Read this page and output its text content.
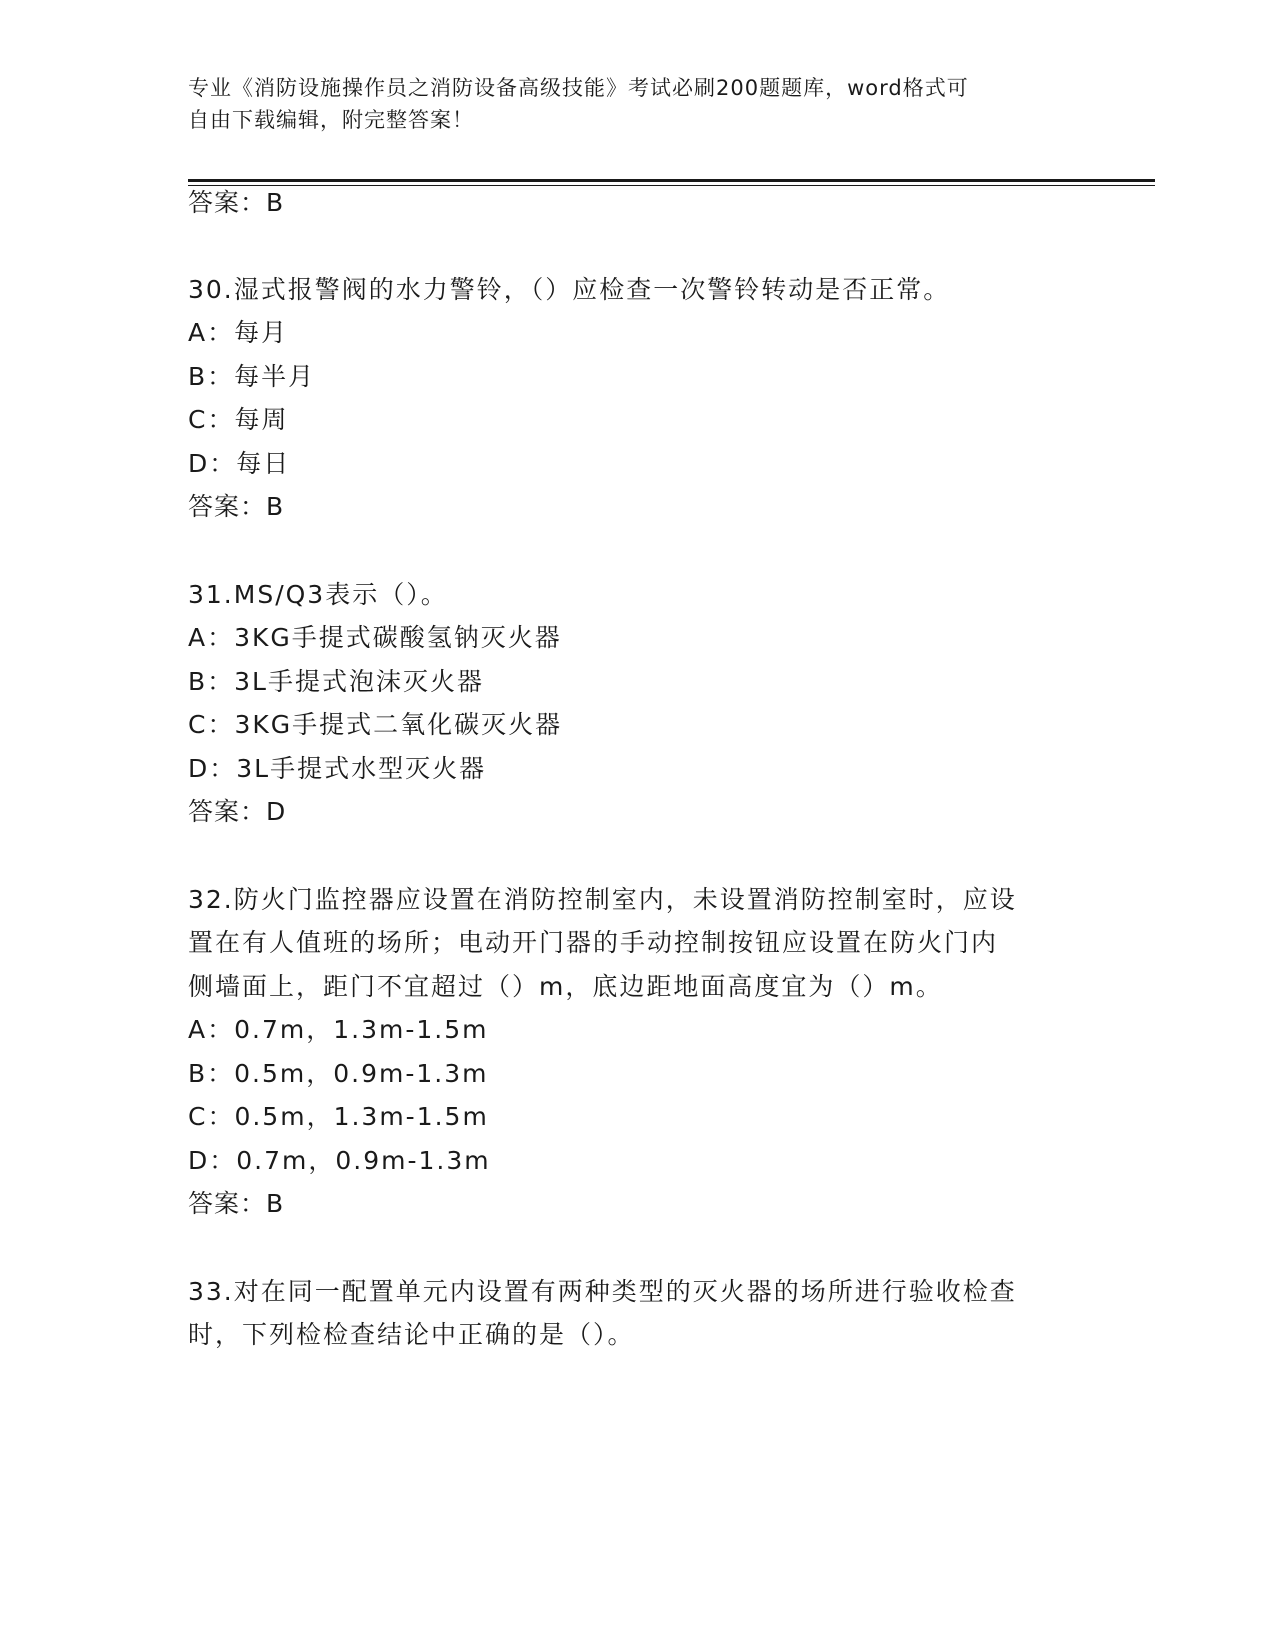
专业《消防设施操作员之消防设备高级技能》考试必刷200题题库，word格式可
自由下载编辑，附完整答案！
答案：B
30.湿式报警阀的水力警铃，（）应检查一次警铃转动是否正常。
A：每月
B：每半月
C：每周
D：每日
答案：B
31.MS/Q3表示（）。
A：3KG手提式碳酸氢钠灭火器
B：3L手提式泡沫灭火器
C：3KG手提式二氧化碳灭火器
D：3L手提式水型灭火器
答案：D
32.防火门监控器应设置在消防控制室内，未设置消防控制室时，应设
置在有人值班的场所；电动开门器的手动控制按钮应设置在防火门内
侧墙面上，距门不宜超过（）m，底边距地面高度宜为（）m。
A：0.7m，1.3m-1.5m
B：0.5m，0.9m-1.3m
C：0.5m，1.3m-1.5m
D：0.7m，0.9m-1.3m
答案：B
33.对在同一配置单元内设置有两种类型的灭火器的场所进行验收检查
时，下列检检查结论中正确的是（）。
